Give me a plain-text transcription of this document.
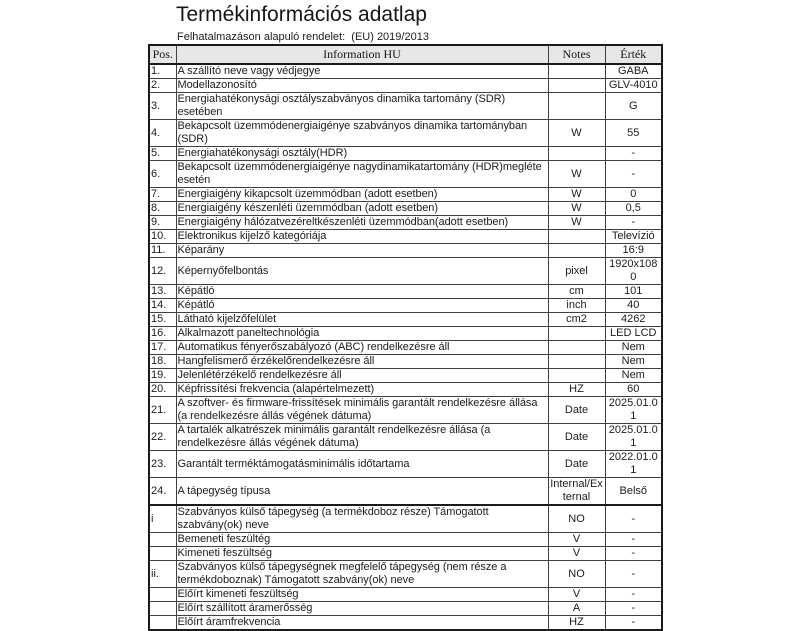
Termékinformációs adatlap
Felhatalmazáson alapuló rendelet:  (EU) 2019/2013
Pos.	Information HU	Notes	Érték
1.	A szállító neve vagy védjegye		GABA
2.	Modellazonosító		GLV-4010
3.	Energiahatékonysági osztályszabványos dinamika tartomány (SDR) esetében		G
4.	Bekapcsolt üzemmódenergiaigénye szabványos dinamika tartományban (SDR)	W	55
5.	Energiahatékonysági osztály(HDR)		-
6.	Bekapcsolt üzemmódenergiaigénye nagydinamikatartomány (HDR)megléte esetén	W	-
7.	Energiaigény kikapcsolt üzemmódban (adott esetben)	W	0
8.	Energiaigény készenléti üzemmódban (adott esetben)	W	0,5
9.	Energiaigény hálózatvezéreltkészenléti üzemmódban(adott esetben)	W	-
10.	Elektronikus kijelző kategóriája		Televízió
11.	Képarány		16:9
12.	Képernyőfelbontás	pixel	1920x1080
13.	Képátló	cm	101
14.	Képátló	inch	40
15.	Látható kijelzőfelület	cm2	4262
16.	Alkalmazott paneltechnológia		LED LCD
17.	Automatikus fényerőszabályozó (ABC) rendelkezésre áll		Nem
18.	Hangfelismerő érzékelőrendelkezésre áll		Nem
19.	Jelenlétérzékelő rendelkezésre áll		Nem
20.	Képfrissítési frekvencia (alapértelmezett)	HZ	60
21.	A szoftver- és firmware-frissítések minimális garantált rendelkezésre állása (a rendelkezésre állás végének dátuma)	Date	2025.01.01
22.	A tartalék alkatrészek minimális garantált rendelkezésre állása (a rendelkezésre állás végének dátuma)	Date	2025.01.01
23.	Garantált terméktámogatásminimális időtartama	Date	2022.01.01
24.	A tápegység típusa	Internal/External	Belső
i	Szabványos külső tápegység (a termékdoboz része) Támogatott szabvány(ok) neve	NO	-
	Bemeneti feszültég	V	-
	Kimeneti feszültség	V	-
ii.	Szabványos külső tápegységnek megfelelő tápegység (nem része a termékdoboznak) Támogatott szabvány(ok) neve	NO	-
	Előírt kimeneti feszültség	V	-
	Előírt szállított áramerősség	A	-
	Előírt áramfrekvencia	HZ	-
